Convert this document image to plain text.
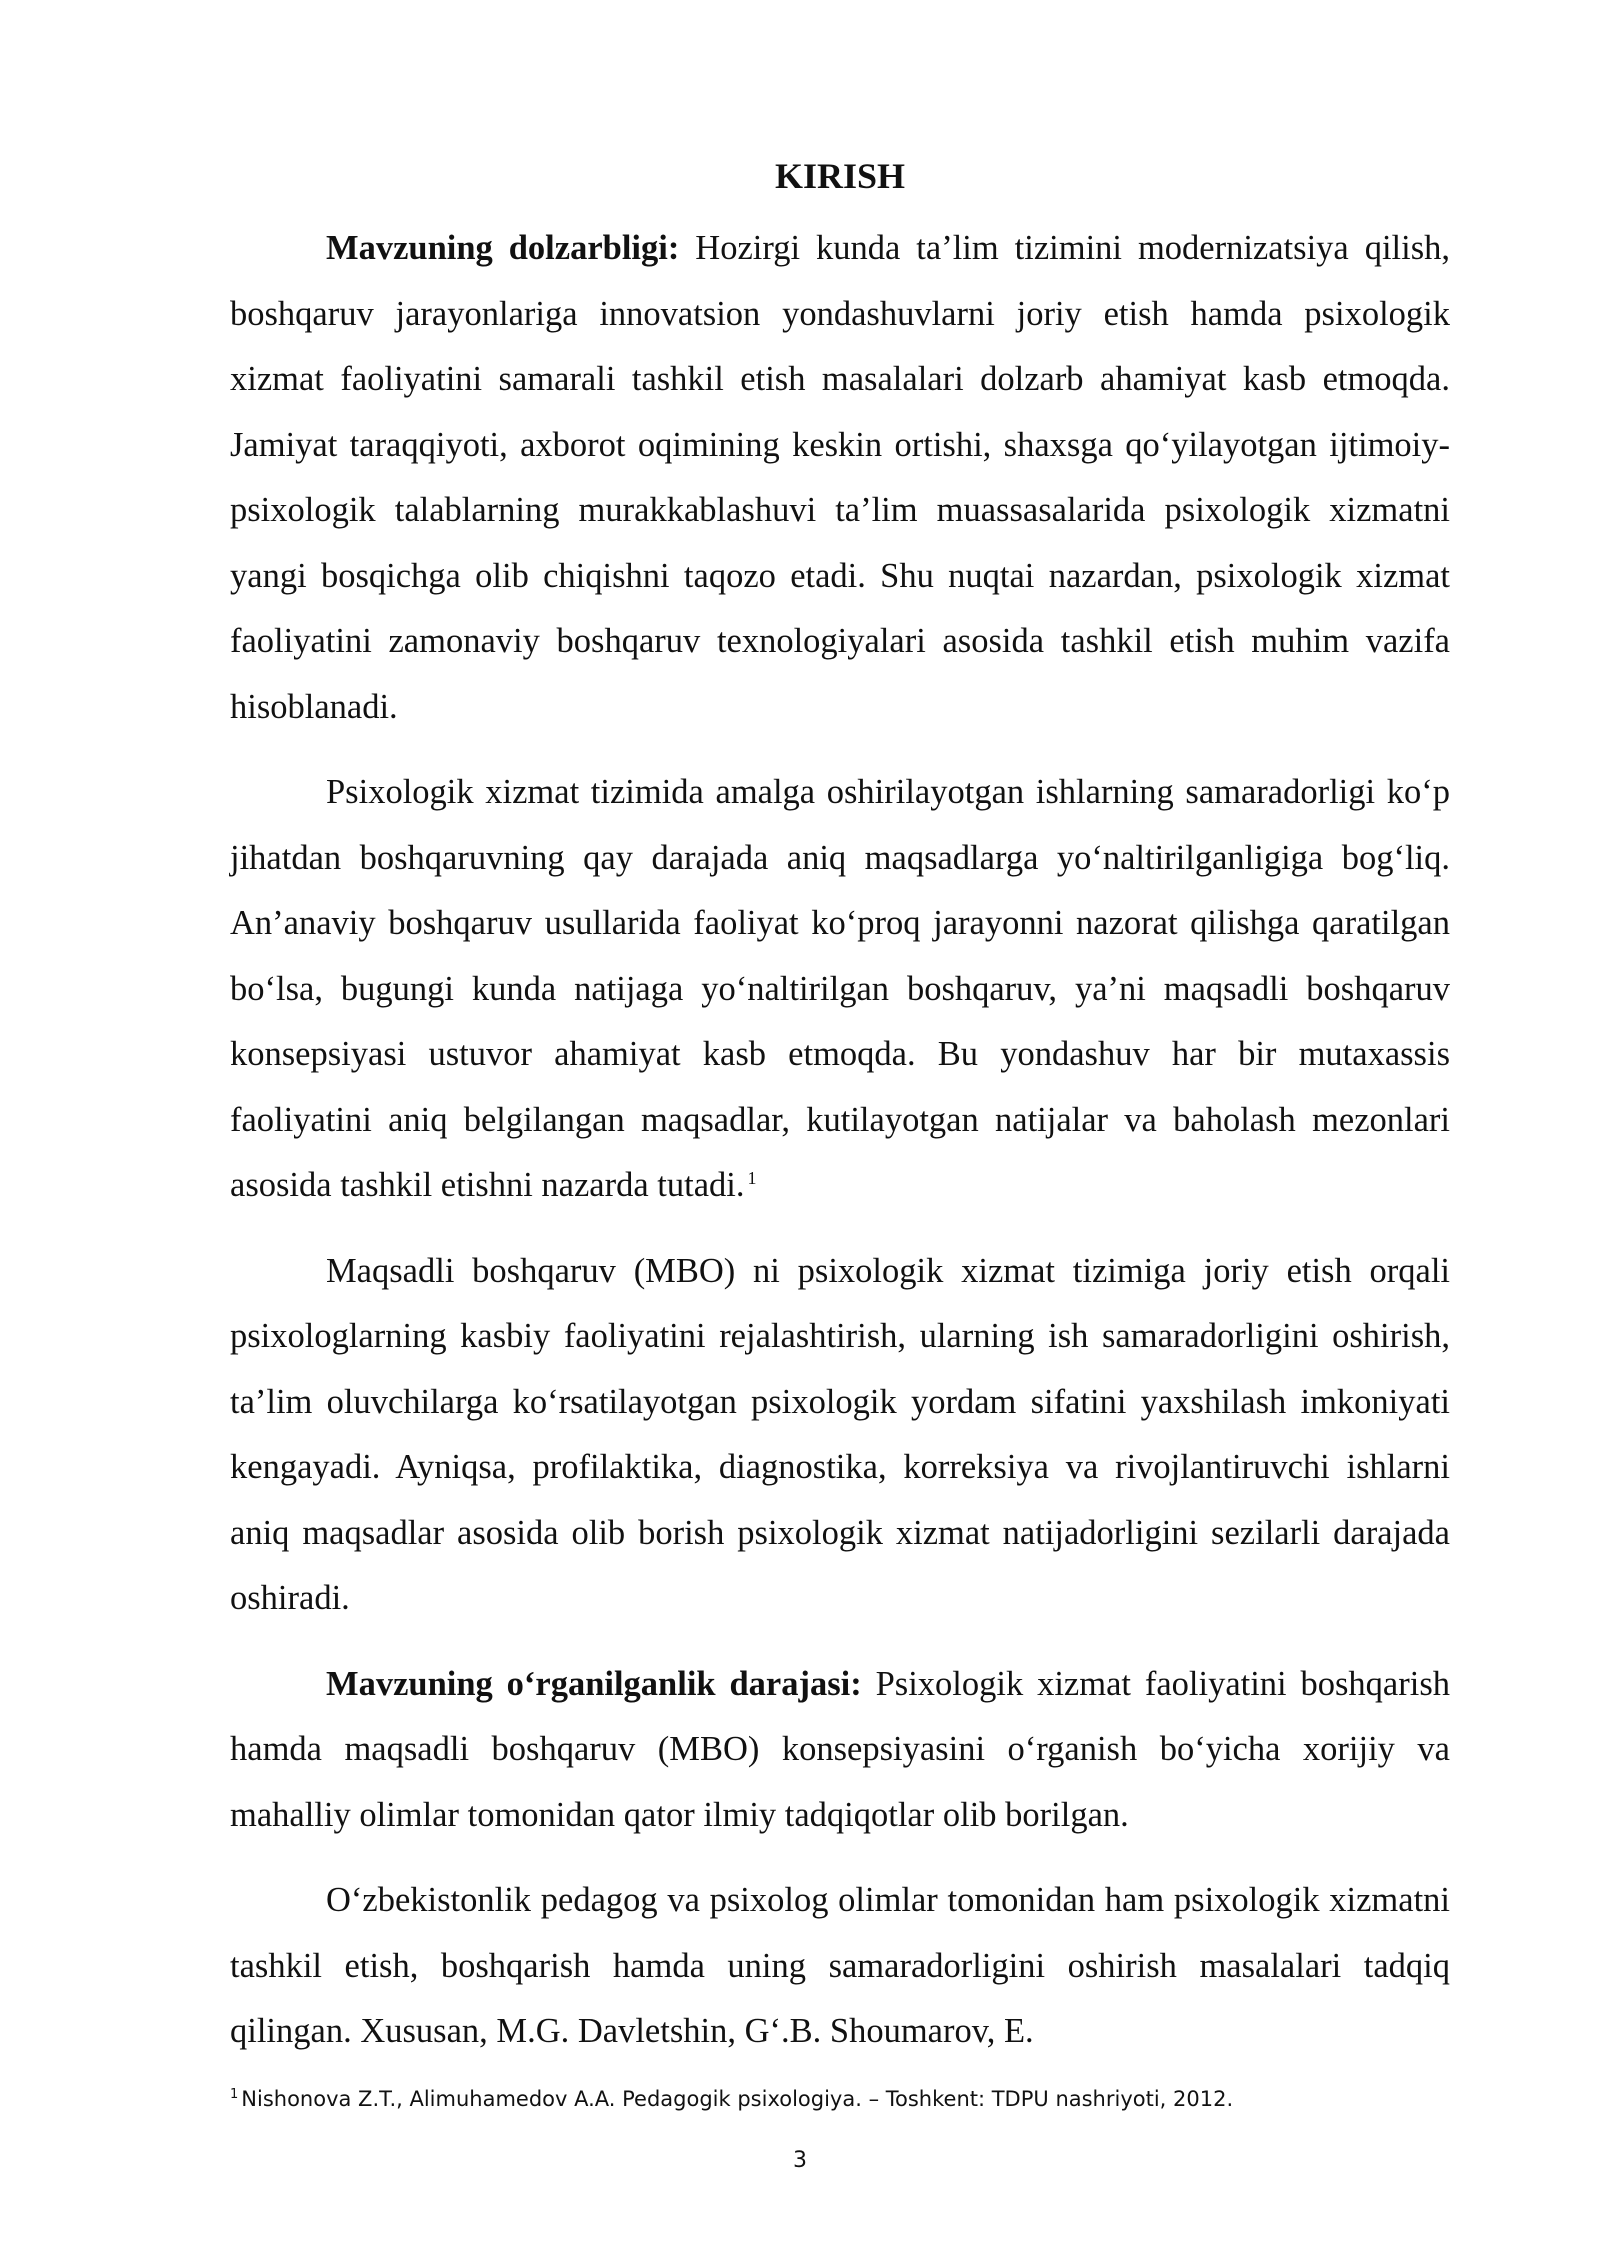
KIRISH

Mavzuning dolzarbligi: Hozirgi kunda ta’lim tizimini modernizatsiya qilish, boshqaruv jarayonlariga innovatsion yondashuvlarni joriy etish hamda psixologik xizmat faoliyatini samarali tashkil etish masalalari dolzarb ahamiyat kasb etmoqda. Jamiyat taraqqiyoti, axborot oqimining keskin ortishi, shaxsga qo‘yilayotgan ijtimoiy-psixologik talablarning murakkablashuvi ta’lim muassasalarida psixologik xizmatni yangi bosqichga olib chiqishni taqozo etadi. Shu nuqtai nazardan, psixologik xizmat faoliyatini zamonaviy boshqaruv texnologiyalari asosida tashkil etish muhim vazifa hisoblanadi.

Psixologik xizmat tizimida amalga oshirilayotgan ishlarning samaradorligi ko‘p jihatdan boshqaruvning qay darajada aniq maqsadlarga yo‘naltirilganligiga bog‘liq. An’anaviy boshqaruv usullarida faoliyat ko‘proq jarayonni nazorat qilishga qaratilgan bo‘lsa, bugungi kunda natijaga yo‘naltirilgan boshqaruv, ya’ni maqsadli boshqaruv konsepsiyasi ustuvor ahamiyat kasb etmoqda. Bu yondashuv har bir mutaxassis faoliyatini aniq belgilangan maqsadlar, kutilayotgan natijalar va baholash mezonlari asosida tashkil etishni nazarda tutadi. $^1$

Maqsadli boshqaruv (MBO) ni psixologik xizmat tizimiga joriy etish orqali psixologlarning kasbiy faoliyatini rejalashtirish, ularning ish samaradorligini oshirish, ta’lim oluvchilarga ko‘rsatilayotgan psixologik yordam sifatini yaxshilash imkoniyati kengayadi. Ayniqsa, profilaktika, diagnostika, korreksiya va rivojlantiruvchi ishlarni aniq maqsadlar asosida olib borish psixologik xizmat natijadorligini sezilarli darajada oshiradi.

Mavzuning o‘rganilganlik darajasi: Psixologik xizmat faoliyatini boshqarish hamda maqsadli boshqaruv (MBO) konsepsiyasini o‘rganish bo‘yicha xorijiy va mahalliy olimlar tomonidan qator ilmiy tadqiqotlar olib borilgan.

O‘zbekistonlik pedagog va psixolog olimlar tomonidan ham psixologik xizmatni tashkil etish, boshqarish hamda uning samaradorligini oshirish masalalari tadqiq qilingan. Xususan, M.G. Davletshin, G‘.B. Shoumarov, E.

$^1$ Nishonova Z.T., Alimuhamedov A.A. Pedagogik psixologiya. – Toshkent: TDPU nashriyoti, 2012.
3
